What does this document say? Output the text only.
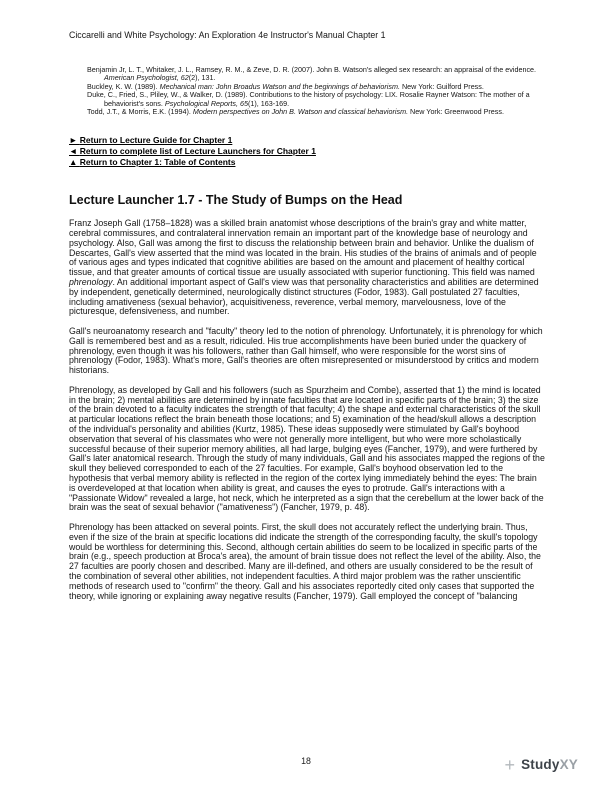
Ciccarelli and White Psychology: An Exploration 4e Instructor's Manual Chapter 1
Benjamin Jr, L. T., Whitaker, J. L., Ramsey, R. M., & Zeve, D. R. (2007). John B. Watson's alleged sex research: an appraisal of the evidence. American Psychologist, 62(2), 131.
Buckley, K. W. (1989). Mechanical man: John Broadus Watson and the beginnings of behaviorism. New York: Guilford Press.
Duke, C., Fried, S., Pliley, W., & Walker, D. (1989). Contributions to the history of psychology: LIX. Rosalie Rayner Watson: The mother of a behaviorist's sons. Psychological Reports, 65(1), 163-169.
Todd, J.T., & Morris, E.K. (1994). Modern perspectives on John B. Watson and classical behaviorism. New York: Greenwood Press.
► Return to Lecture Guide for Chapter 1
◄ Return to complete list of Lecture Launchers for Chapter 1
▲ Return to Chapter 1: Table of Contents
Lecture Launcher 1.7 - The Study of Bumps on the Head

Franz Joseph Gall (1758–1828) was a skilled brain anatomist whose descriptions of the brain's gray and white matter, cerebral commissures, and contralateral innervation remain an important part of the knowledge base of neurology and psychology. Also, Gall was among the first to discuss the relationship between brain and behavior. Unlike the dualism of Descartes, Gall's view asserted that the mind was located in the brain. His studies of the brains of animals and of people of various ages and types indicated that cognitive abilities are based on the amount and placement of healthy cortical tissue, and that greater amounts of cortical tissue are usually associated with superior functioning. This field was named phrenology. An additional important aspect of Gall's view was that personality characteristics and abilities are determined by independent, genetically determined, neurologically distinct structures (Fodor, 1983). Gall postulated 27 faculties, including amativeness (sexual behavior), acquisitiveness, reverence, verbal memory, marvelousness, love of the picturesque, defensiveness, and number.

Gall's neuroanatomy research and "faculty" theory led to the notion of phrenology. Unfortunately, it is phrenology for which Gall is remembered best and as a result, ridiculed. His true accomplishments have been buried under the quackery of phrenology, even though it was his followers, rather than Gall himself, who were responsible for the worst sins of phrenology (Fodor, 1983). What's more, Gall's theories are often misrepresented or misunderstood by critics and modern historians.

Phrenology, as developed by Gall and his followers (such as Spurzheim and Combe), asserted that 1) the mind is located in the brain; 2) mental abilities are determined by innate faculties that are located in specific parts of the brain; 3) the size of the brain devoted to a faculty indicates the strength of that faculty; 4) the shape and external characteristics of the skull at particular locations reflect the brain beneath those locations; and 5) examination of the head/skull allows a description of the individual's personality and abilities (Kurtz, 1985). These ideas supposedly were stimulated by Gall's boyhood observation that several of his classmates who were not generally more intelligent, but who were more scholastically successful because of their superior memory abilities, all had large, bulging eyes (Fancher, 1979), and were furthered by Gall's later anatomical research. Through the study of many individuals, Gall and his associates mapped the regions of the skull they believed corresponded to each of the 27 faculties. For example, Gall's boyhood observation led to the hypothesis that verbal memory ability is reflected in the region of the cortex lying immediately behind the eyes: The brain is overdeveloped at that location when ability is great, and causes the eyes to protrude. Gall's interactions with a "Passionate Widow" revealed a large, hot neck, which he interpreted as a sign that the cerebellum at the lower back of the brain was the seat of sexual behavior ("amativeness") (Fancher, 1979, p. 48).

Phrenology has been attacked on several points. First, the skull does not accurately reflect the underlying brain. Thus, even if the size of the brain at specific locations did indicate the strength of the corresponding faculty, the skull's topology would be worthless for determining this. Second, although certain abilities do seem to be localized in specific parts of the brain (e.g., speech production at Broca's area), the amount of brain tissue does not reflect the level of the ability. Also, the 27 faculties are poorly chosen and described. Many are ill-defined, and others are usually considered to be the result of the combination of several other abilities, not independent faculties. A third major problem was the rather unscientific methods of research used to "confirm" the theory. Gall and his associates reportedly cited only cases that supported the theory, while ignoring or explaining away negative results (Fancher, 1979). Gall employed the concept of "balancing

18	+ StudyXY
